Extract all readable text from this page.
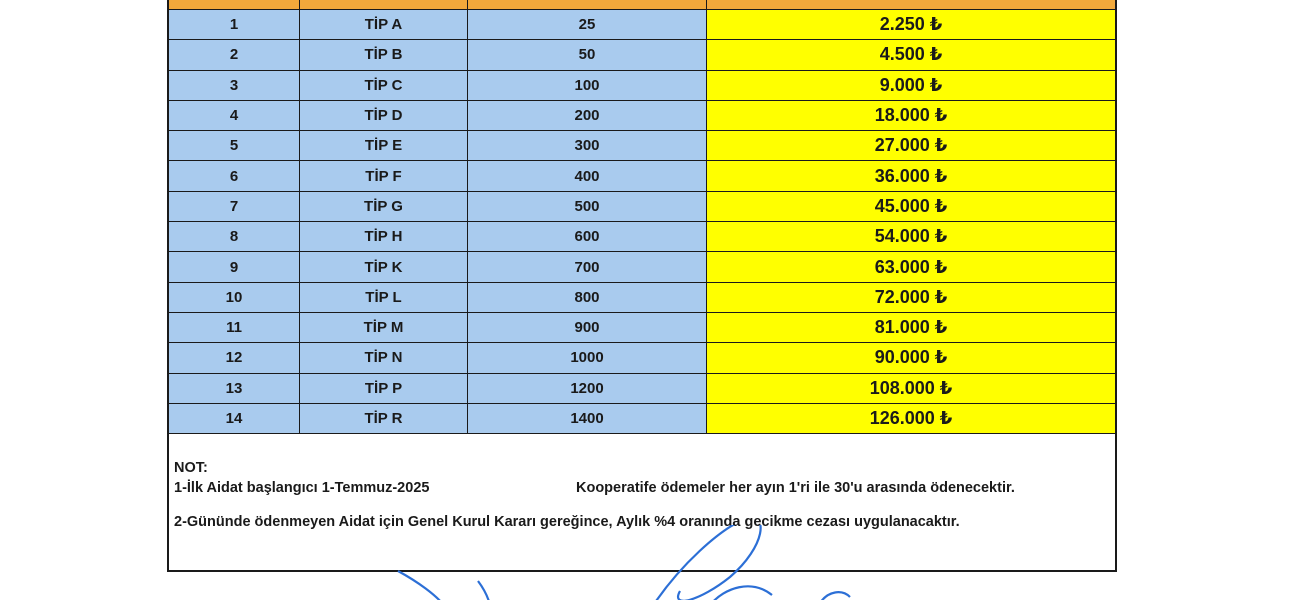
1	TİP A	25	2.250 ₺
2	TİP B	50	4.500 ₺
3	TİP C	100	9.000 ₺
4	TİP D	200	18.000 ₺
5	TİP E	300	27.000 ₺
6	TİP F	400	36.000 ₺
7	TİP G	500	45.000 ₺
8	TİP H	600	54.000 ₺
9	TİP K	700	63.000 ₺
10	TİP L	800	72.000 ₺
11	TİP M	900	81.000 ₺
12	TİP N	1000	90.000 ₺
13	TİP P	1200	108.000 ₺
14	TİP R	1400	126.000 ₺
NOT:
1-İlk Aidat başlangıcı 1-Temmuz-2025	Kooperatife ödemeler her ayın 1'ri ile 30'u arasında ödenecektir.
2-Gününde ödenmeyen Aidat için Genel Kurul Kararı gereğince, Aylık %4 oranında gecikme cezası uygulanacaktır.
